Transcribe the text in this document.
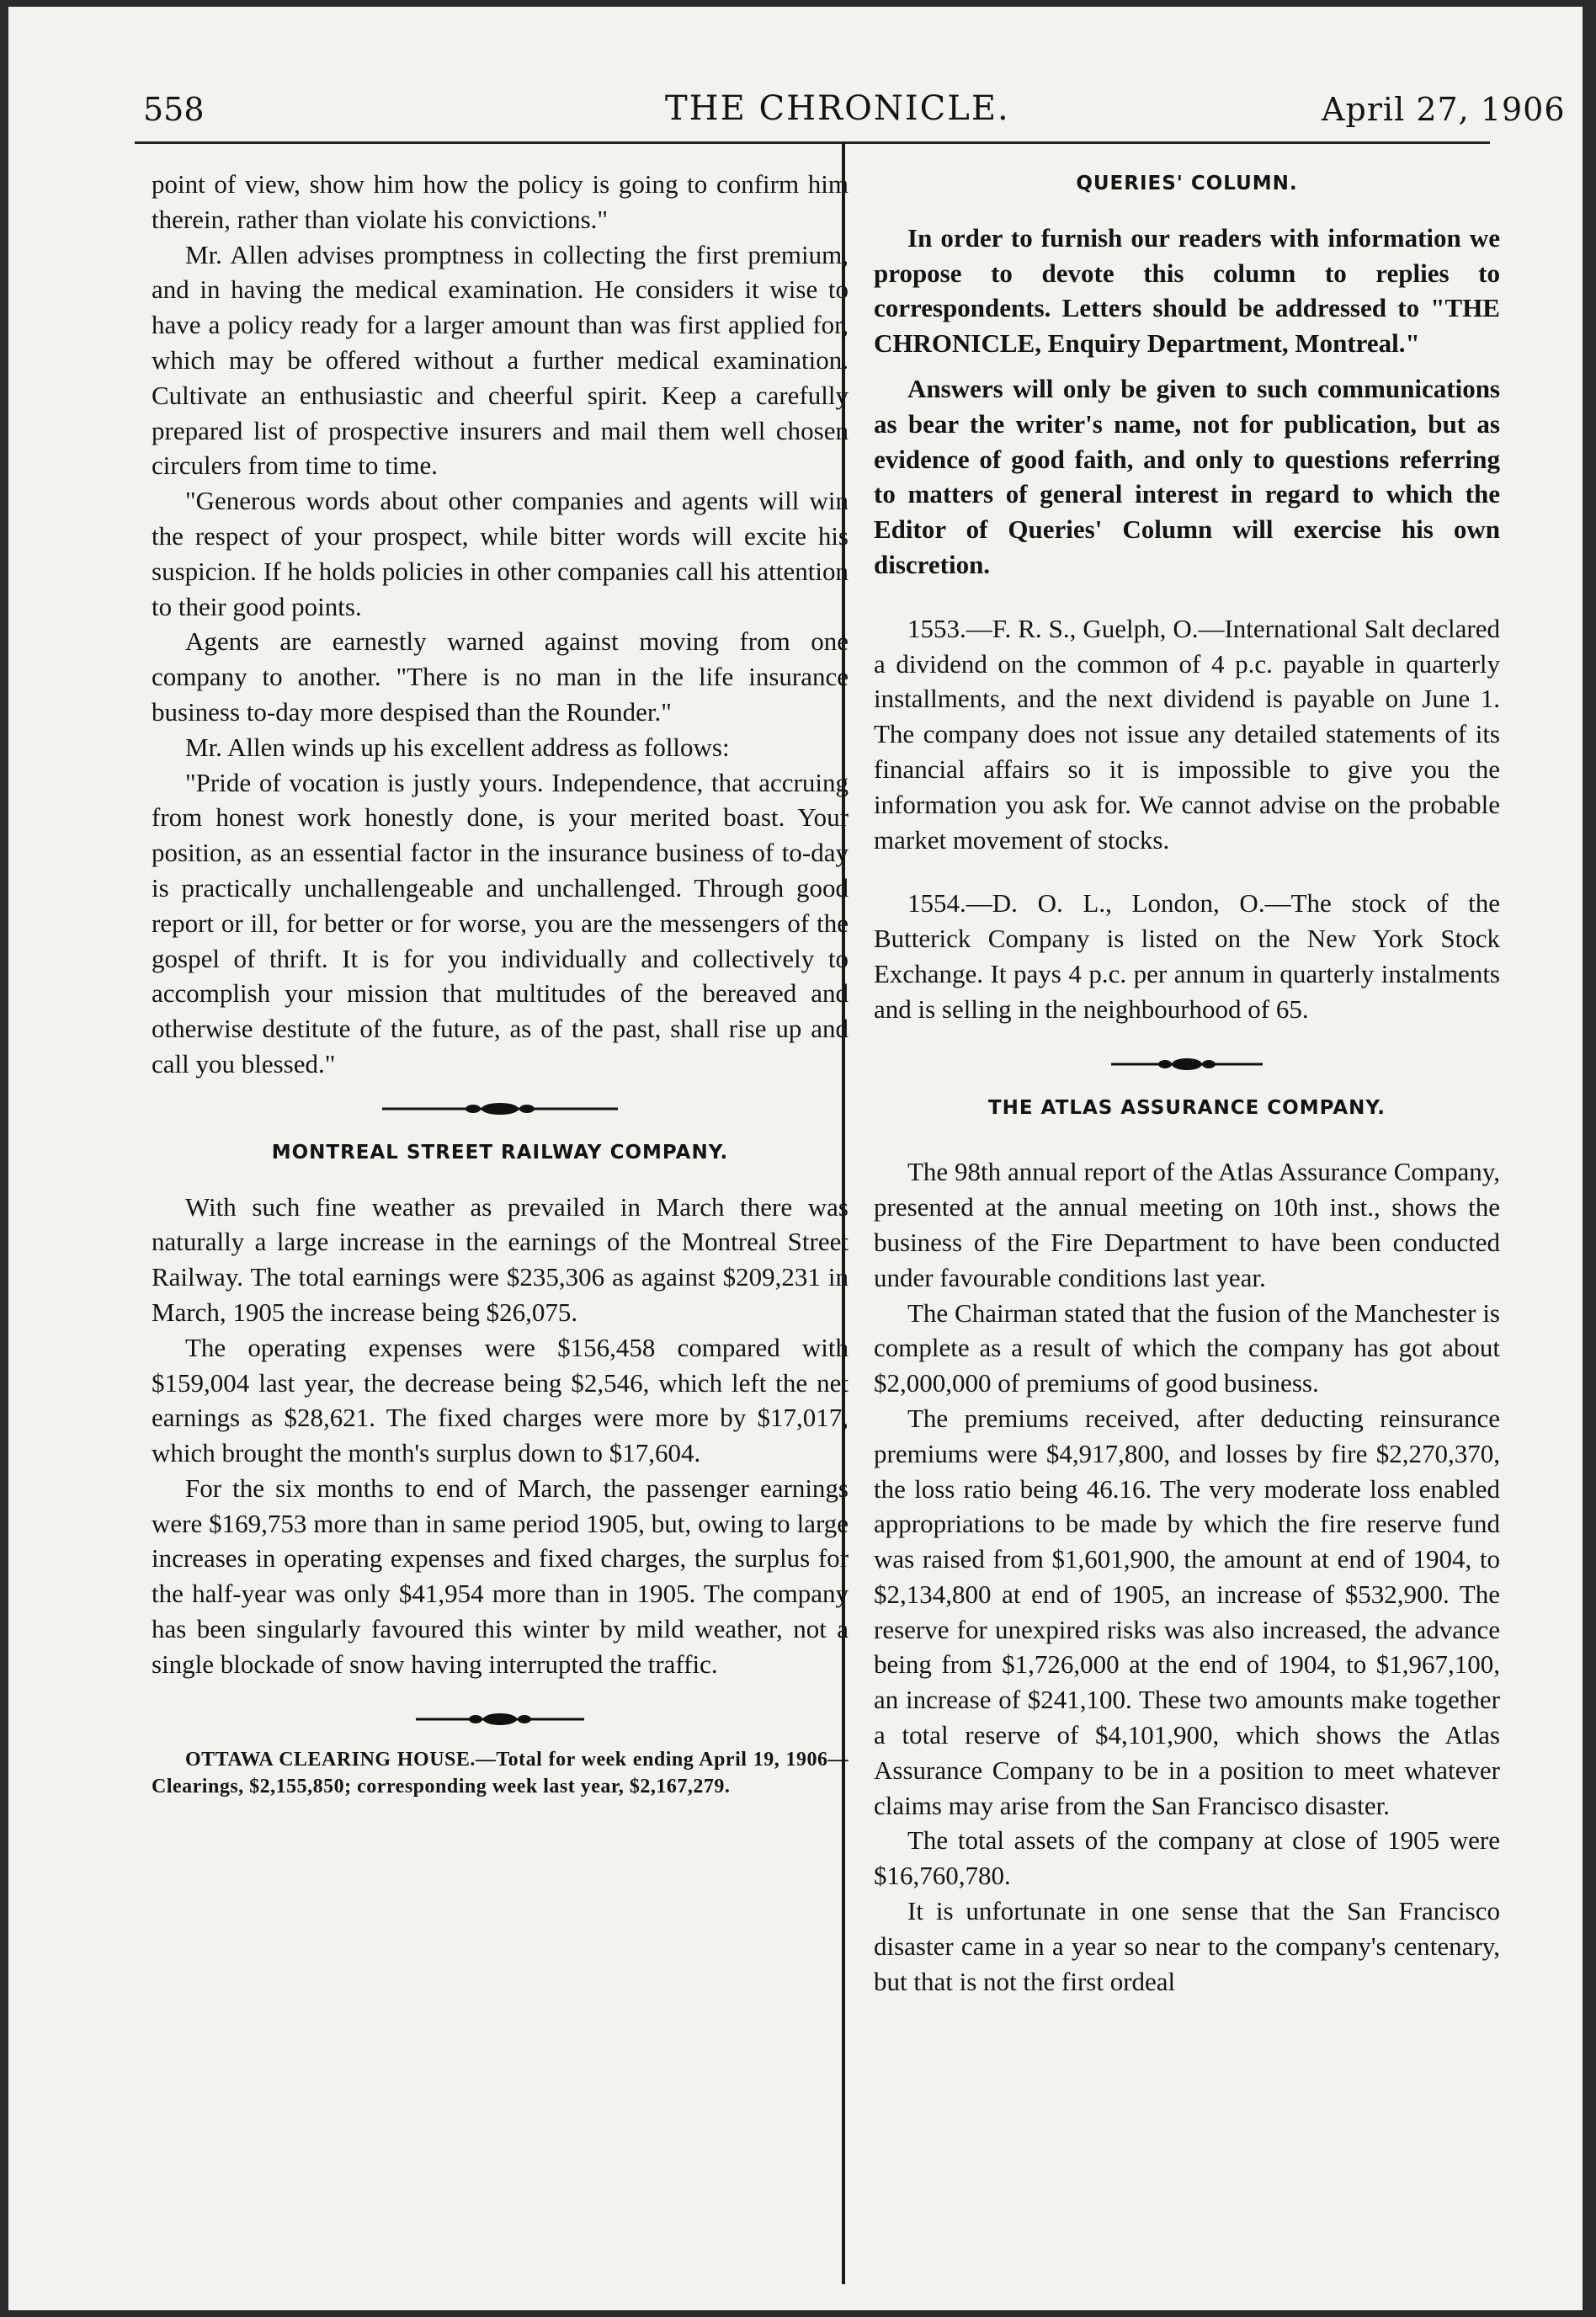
558	THE CHRONICLE.	April 27, 1906

point of view, show him how the policy is going to confirm him therein, rather than violate his convictions."

Mr. Allen advises promptness in collecting the first premium, and in having the medical examination. He considers it wise to have a policy ready for a larger amount than was first applied for, which may be offered without a further medical examination. Cultivate an enthusiastic and cheerful spirit. Keep a carefully prepared list of prospective insurers and mail them well chosen circulers from time to time.

"Generous words about other companies and agents will win the respect of your prospect, while bitter words will excite his suspicion. If he holds policies in other companies call his attention to their good points.

Agents are earnestly warned against moving from one company to another. "There is no man in the life insurance business to-day more despised than the Rounder."

Mr. Allen winds up his excellent address as follows:

"Pride of vocation is justly yours. Independence, that accruing from honest work honestly done, is your merited boast. Your position, as an essential factor in the insurance business of to-day is practically unchallengeable and unchallenged. Through good report or ill, for better or for worse, you are the messengers of the gospel of thrift. It is for you individually and collectively to accomplish your mission that multitudes of the bereaved and otherwise destitute of the future, as of the past, shall rise up and call you blessed."

MONTREAL STREET RAILWAY COMPANY.

With such fine weather as prevailed in March there was naturally a large increase in the earnings of the Montreal Street Railway. The total earnings were $235,306 as against $209,231 in March, 1905 the increase being $26,075.

The operating expenses were $156,458 compared with $159,004 last year, the decrease being $2,546, which left the net earnings as $28,621. The fixed charges were more by $17,017, which brought the month's surplus down to $17,604.

For the six months to end of March, the passenger earnings were $169,753 more than in same period 1905, but, owing to large increases in operating expenses and fixed charges, the surplus for the half-year was only $41,954 more than in 1905. The company has been singularly favoured this winter by mild weather, not a single blockade of snow having interrupted the traffic.

OTTAWA CLEARING HOUSE.—Total for week ending April 19, 1906—Clearings, $2,155,850; corresponding week last year, $2,167,279.

QUERIES' COLUMN.

In order to furnish our readers with information we propose to devote this column to replies to correspondents. Letters should be addressed to "THE CHRONICLE, Enquiry Department, Montreal."

Answers will only be given to such communications as bear the writer's name, not for publication, but as evidence of good faith, and only to questions referring to matters of general interest in regard to which the Editor of Queries' Column will exercise his own discretion.

1553.—F. R. S., Guelph, O.—International Salt declared a dividend on the common of 4 p.c. payable in quarterly installments, and the next dividend is payable on June 1. The company does not issue any detailed statements of its financial affairs so it is impossible to give you the information you ask for. We cannot advise on the probable market movement of stocks.

1554.—D. O. L., London, O.—The stock of the Butterick Company is listed on the New York Stock Exchange. It pays 4 p.c. per annum in quarterly instalments and is selling in the neighbourhood of 65.

THE ATLAS ASSURANCE COMPANY.

The 98th annual report of the Atlas Assurance Company, presented at the annual meeting on 10th inst., shows the business of the Fire Department to have been conducted under favourable conditions last year.

The Chairman stated that the fusion of the Manchester is complete as a result of which the company has got about $2,000,000 of premiums of good business.

The premiums received, after deducting reinsurance premiums were $4,917,800, and losses by fire $2,270,370, the loss ratio being 46.16. The very moderate loss enabled appropriations to be made by which the fire reserve fund was raised from $1,601,900, the amount at end of 1904, to $2,134,800 at end of 1905, an increase of $532,900. The reserve for unexpired risks was also increased, the advance being from $1,726,000 at the end of 1904, to $1,967,100, an increase of $241,100. These two amounts make together a total reserve of $4,101,900, which shows the Atlas Assurance Company to be in a position to meet whatever claims may arise from the San Francisco disaster.

The total assets of the company at close of 1905 were $16,760,780.

It is unfortunate in one sense that the San Francisco disaster came in a year so near to the company's centenary, but that is not the first ordeal
